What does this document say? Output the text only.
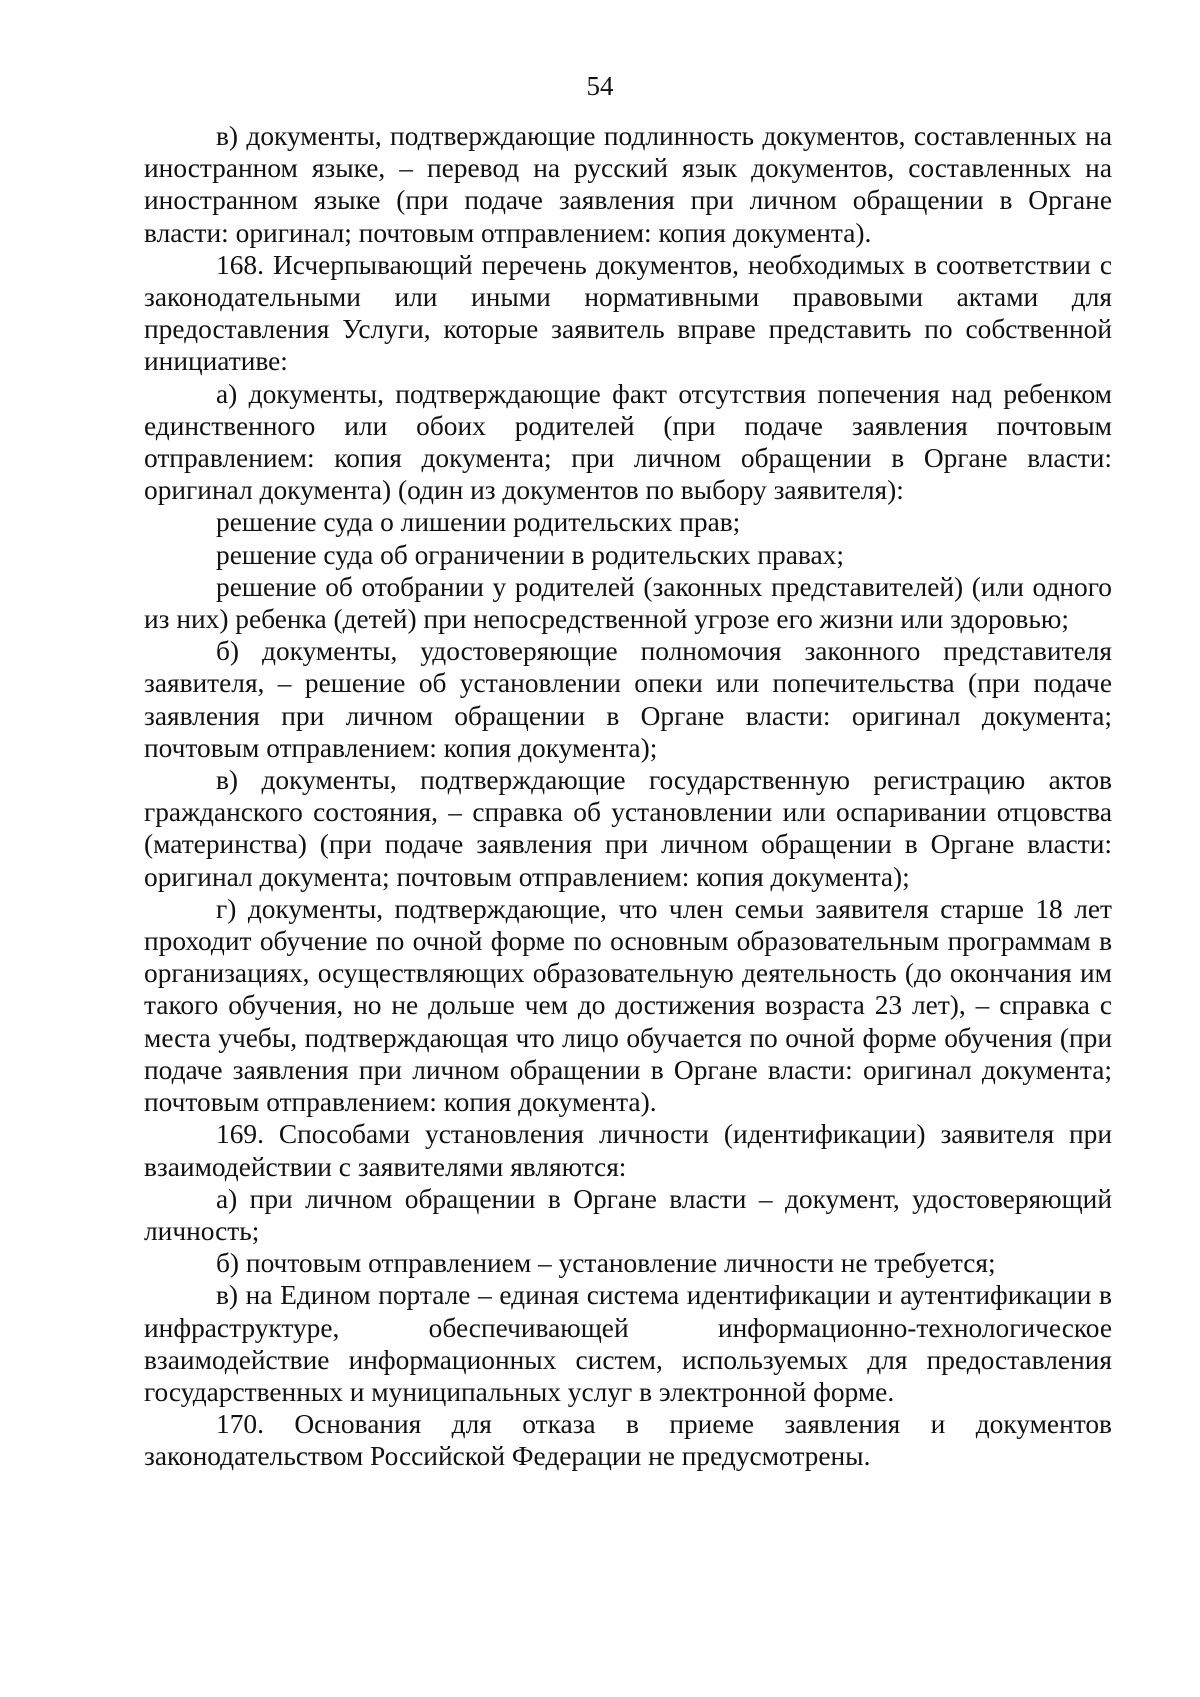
54

в) документы, подтверждающие подлинность документов, составленных на иностранном языке, – перевод на русский язык документов, составленных на иностранном языке (при подаче заявления при личном обращении в Органе власти: оригинал; почтовым отправлением: копия документа).

168. Исчерпывающий перечень документов, необходимых в соответствии с законодательными или иными нормативными правовыми актами для предоставления Услуги, которые заявитель вправе представить по собственной инициативе:

а) документы, подтверждающие факт отсутствия попечения над ребенком единственного или обоих родителей (при подаче заявления почтовым отправлением: копия документа; при личном обращении в Органе власти: оригинал документа) (один из документов по выбору заявителя):

решение суда о лишении родительских прав;

решение суда об ограничении в родительских правах;

решение об отобрании у родителей (законных представителей) (или одного из них) ребенка (детей) при непосредственной угрозе его жизни или здоровью;

б) документы, удостоверяющие полномочия законного представителя заявителя, – решение об установлении опеки или попечительства (при подаче заявления при личном обращении в Органе власти: оригинал документа; почтовым отправлением: копия документа);

в) документы, подтверждающие государственную регистрацию актов гражданского состояния, – справка об установлении или оспаривании отцовства (материнства) (при подаче заявления при личном обращении в Органе власти: оригинал документа; почтовым отправлением: копия документа);

г) документы, подтверждающие, что член семьи заявителя старше 18 лет проходит обучение по очной форме по основным образовательным программам в организациях, осуществляющих образовательную деятельность (до окончания им такого обучения, но не дольше чем до достижения возраста 23 лет), – справка с места учебы, подтверждающая что лицо обучается по очной форме обучения (при подаче заявления при личном обращении в Органе власти: оригинал документа; почтовым отправлением: копия документа).

169. Способами установления личности (идентификации) заявителя при взаимодействии с заявителями являются:

а) при личном обращении в Органе власти – документ, удостоверяющий личность;

б) почтовым отправлением – установление личности не требуется;

в) на Едином портале – единая система идентификации и аутентификации в инфраструктуре, обеспечивающей информационно-технологическое взаимодействие информационных систем, используемых для предоставления государственных и муниципальных услуг в электронной форме.

170. Основания для отказа в приеме заявления и документов законодательством Российской Федерации не предусмотрены.
